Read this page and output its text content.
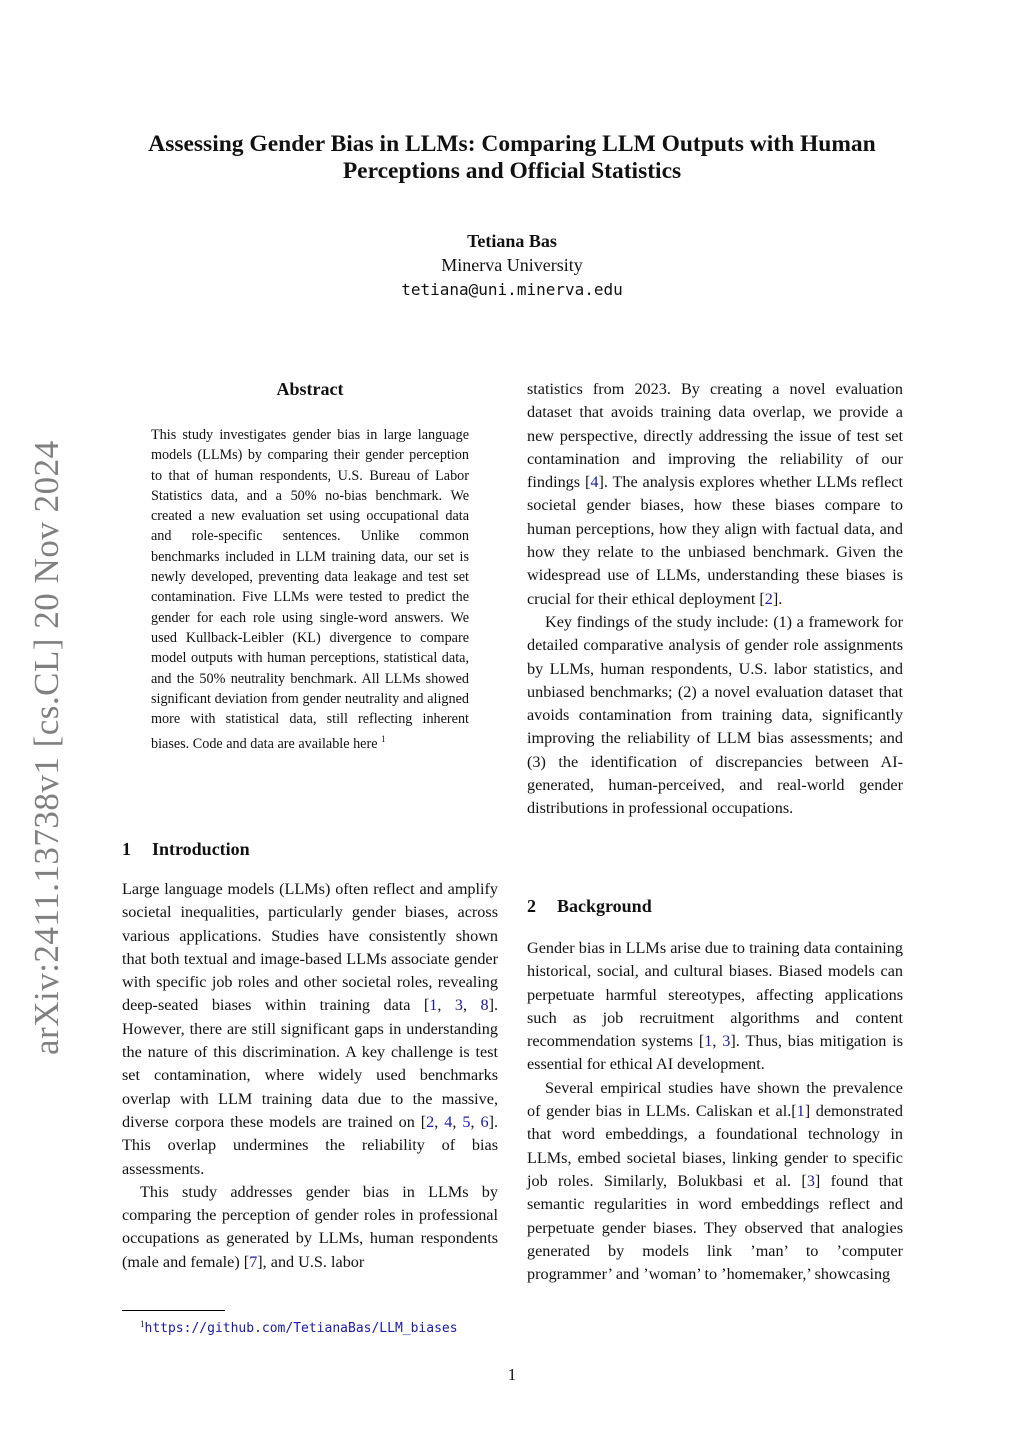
arXiv:2411.13738v1 [cs.CL] 20 Nov 2024
Assessing Gender Bias in LLMs: Comparing LLM Outputs with Human
Perceptions and Official Statistics
Tetiana Bas
Minerva University
tetiana@uni.minerva.edu
Abstract
This study investigates gender bias in large language models (LLMs) by comparing their gender perception to that of human respondents, U.S. Bureau of Labor Statistics data, and a 50% no-bias benchmark. We created a new evaluation set using occupational data and role-specific sentences. Unlike common benchmarks included in LLM training data, our set is newly developed, preventing data leakage and test set contamination. Five LLMs were tested to predict the gender for each role using single-word answers. We used Kullback-Leibler (KL) divergence to compare model outputs with human perceptions, statistical data, and the 50% neutrality benchmark. All LLMs showed significant deviation from gender neutrality and aligned more with statistical data, still reflecting inherent biases. Code and data are available here $^1$
1 Introduction

Large language models (LLMs) often reflect and amplify societal inequalities, particularly gender biases, across various applications. Studies have consistently shown that both textual and image-based LLMs associate gender with specific job roles and other societal roles, revealing deep-seated biases within training data [1, 3, 8]. However, there are still significant gaps in understanding the nature of this discrimination. A key challenge is test set contamination, where widely used benchmarks overlap with LLM training data due to the massive, diverse corpora these models are trained on [2, 4, 5, 6]. This overlap undermines the reliability of bias assessments.

This study addresses gender bias in LLMs by comparing the perception of gender roles in professional occupations as generated by LLMs, human respondents (male and female) [7], and U.S. labor

statistics from 2023. By creating a novel evaluation dataset that avoids training data overlap, we provide a new perspective, directly addressing the issue of test set contamination and improving the reliability of our findings [4]. The analysis explores whether LLMs reflect societal gender biases, how these biases compare to human perceptions, how they align with factual data, and how they relate to the unbiased benchmark. Given the widespread use of LLMs, understanding these biases is crucial for their ethical deployment [2].

Key findings of the study include: (1) a framework for detailed comparative analysis of gender role assignments by LLMs, human respondents, U.S. labor statistics, and unbiased benchmarks; (2) a novel evaluation dataset that avoids contamination from training data, significantly improving the reliability of LLM bias assessments; and (3) the identification of discrepancies between AI-generated, human-perceived, and real-world gender distributions in professional occupations.

2 Background

Gender bias in LLMs arise due to training data containing historical, social, and cultural biases. Biased models can perpetuate harmful stereotypes, affecting applications such as job recruitment algorithms and content recommendation systems [1, 3]. Thus, bias mitigation is essential for ethical AI development.

Several empirical studies have shown the prevalence of gender bias in LLMs. Caliskan et al.[1] demonstrated that word embeddings, a foundational technology in LLMs, embed societal biases, linking gender to specific job roles. Similarly, Bolukbasi et al. [3] found that semantic regularities in word embeddings reflect and perpetuate gender biases. They observed that analogies generated by models link ’man’ to ’computer programmer’ and ’woman’ to ’homemaker,’ showcasing

$^1$https://github.com/TetianaBas/LLM_biases
1
